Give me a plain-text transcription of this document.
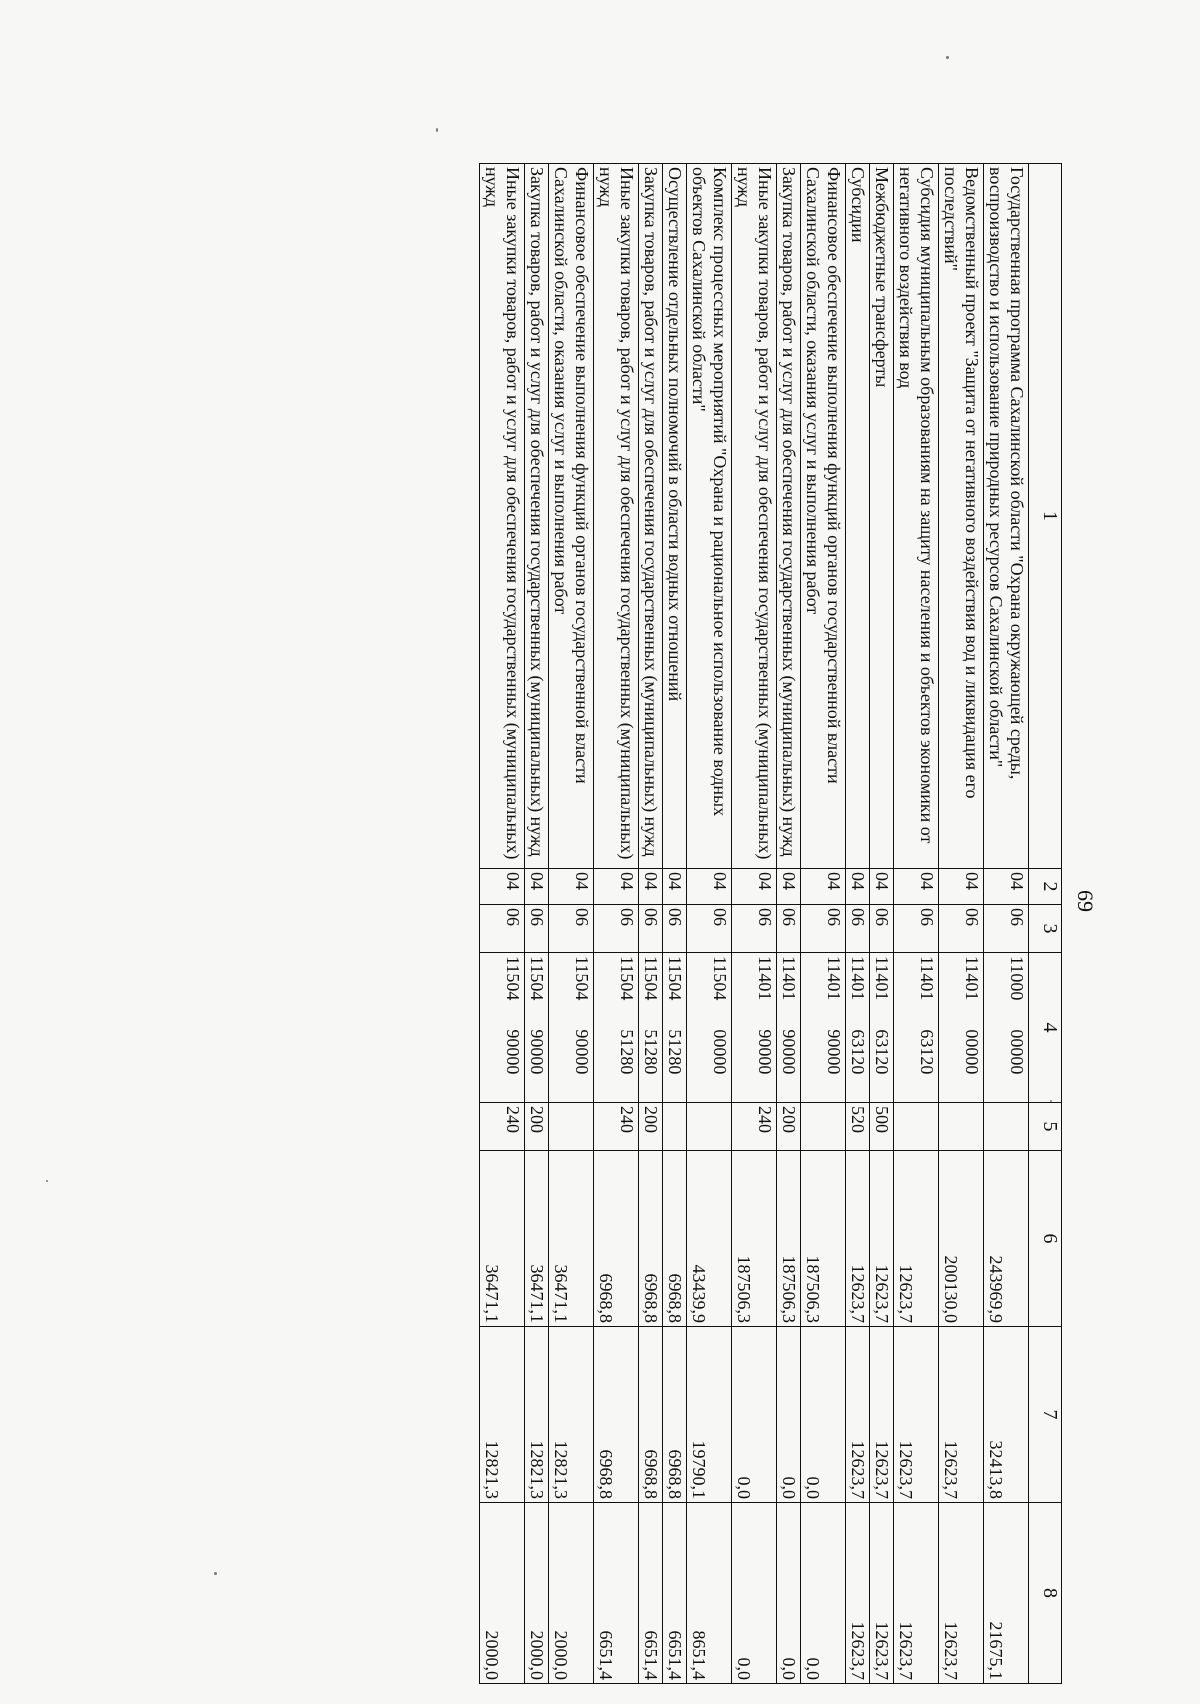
69
1	2	3	4	5	6	7	8
Государственная программа Сахалинской области "Охрана окружающей среды, воспроизводство и использование природных ресурсов Сахалинской области"	04	06	11000  00000		243969,9	32413,8	21675,1
Ведомственный проект "Защита от негативного воздействия вод и ликвидация его последствий"	04	06	11401  00000		200130,0	12623,7	12623,7
Субсидия муниципальным образованиям на защиту населения и объектов экономики от негативного воздействия вод	04	06	11401  63120		12623,7	12623,7	12623,7
Межбюджетные трансферты	04	06	11401  63120	500	12623,7	12623,7	12623,7
Субсидии	04	06	11401  63120	520	12623,7	12623,7	12623,7
Финансовое обеспечение выполнения функций органов государственной власти Сахалинской области, оказания услуг и выполнения работ	04	06	11401  90000		187506,3	0,0	0,0
Закупка товаров, работ и услуг для обеспечения государственных (муниципальных) нужд	04	06	11401  90000	200	187506,3	0,0	0,0
Иные закупки товаров, работ и услуг для обеспечения государственных (муниципальных) нужд	04	06	11401  90000	240	187506,3	0,0	0,0
Комплекс процессных мероприятий "Охрана и рациональное использование водных объектов Сахалинской области"	04	06	11504  00000		43439,9	19790,1	8651,4
Осуществление отдельных полномочий в области водных отношений	04	06	11504  51280		6968,8	6968,8	6651,4
Закупка товаров, работ и услуг для обеспечения государственных (муниципальных) нужд	04	06	11504  51280	200	6968,8	6968,8	6651,4
Иные закупки товаров, работ и услуг для обеспечения государственных (муниципальных) нужд	04	06	11504  51280	240	6968,8	6968,8	6651,4
Финансовое обеспечение выполнения функций органов государственной власти Сахалинской области, оказания услуг и выполнения работ	04	06	11504  90000		36471,1	12821,3	2000,0
Закупка товаров, работ и услуг для обеспечения государственных (муниципальных) нужд	04	06	11504  90000	200	36471,1	12821,3	2000,0
Иные закупки товаров, работ и услуг для обеспечения государственных (муниципальных) нужд	04	06	11504  90000	240	36471,1	12821,3	2000,0
